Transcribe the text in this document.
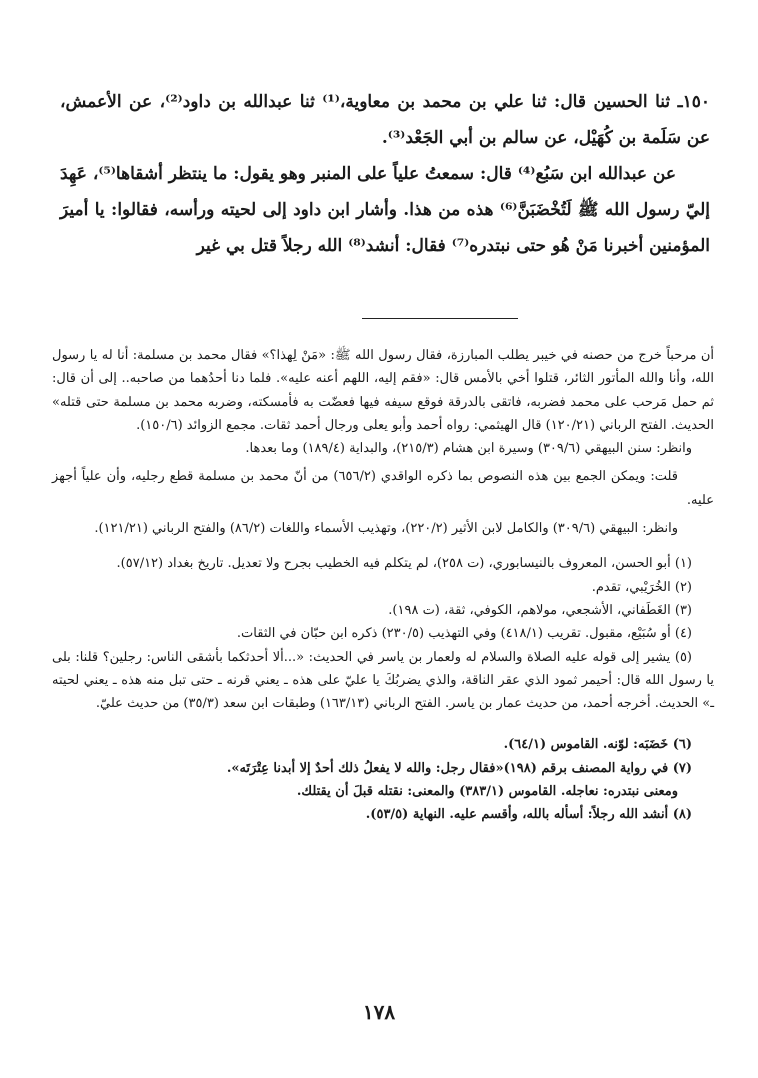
١٥٠ـ ثنا الحسين قال: ثنا علي بن محمد بن معاوية،⁽¹⁾ ثنا عبدالله بن داود⁽²⁾، عن الأعمش، عن سَلَمة بن كُهَيْل، عن سالم بن أبي الجَعْد⁽³⁾.

عن عبدالله ابن سَبُع⁽⁴⁾ قال: سمعتُ علياً على المنبر وهو يقول: ما ينتظر أشقاها⁽⁵⁾، عَهِدَ إليّ رسول الله ﷺ لَتُخْضَبَنَّ⁽⁶⁾ هذه من هذا. وأشار ابن داود إلى لحيته ورأسه، فقالوا: يا أميرَ المؤمنين أخبرنا مَنْ هُو حتى نبتدره⁽⁷⁾ فقال: أنشد⁽⁸⁾ الله رجلاً قتل بي غير

أن مرحباً خرج من حصنه في خيبر يطلب المبارزة، فقال رسول الله ﷺ: «مَنْ لِهذا؟» فقال محمد بن مسلمة: أنا له يا رسول الله، وأنا والله المأتور الثائر، قتلوا أخي بالأمس قال: «فقم إليه، اللهم أعنه عليه». فلما دنا أحدُهما من صاحبه.. إلى أن قال: ثم حمل مَرحب على محمد فضربه، فاتقى بالدرقة فوقع سيفه فيها فعضّت به فأمسكته، وضربه محمد بن مسلمة حتى قتله» الحديث. الفتح الرباني (١٢٠/٢١) قال الهيثمي: رواه أحمد وأبو يعلى ورجال أحمد ثقات. مجمع الزوائد (١٥٠/٦).

وانظر: سنن البيهقي (٣٠٩/٦) وسيرة ابن هشام (٢١٥/٣)، والبداية (١٨٩/٤) وما بعدها.

قلت: ويمكن الجمع بين هذه النصوص بما ذكره الواقدي (٦٥٦/٢) من أنّ محمد بن مسلمة قطع رجليه، وأن علياً أجهز عليه.

وانظر: البيهقي (٣٠٩/٦) والكامل لابن الأثير (٢٢٠/٢)، وتهذيب الأسماء واللغات (٨٦/٢) والفتح الرباني (١٢١/٢١).

(١) أبو الحسن، المعروف بالنيسابوري، (ت ٢٥٨)، لم يتكلم فيه الخطيب بجرح ولا تعديل. تاريخ بغداد (٥٧/١٢).

(٢) الخُرَيْبي، تقدم.

(٣) الغَطَفاني، الأشجعي، مولاهم، الكوفي، ثقة، (ت ١٩٨).

(٤) أو سُبَيْع، مقبول. تقريب (٤١٨/١) وفي التهذيب (٢٣٠/٥) ذكره ابن حبّان في الثقات.

(٥) يشير إلى قوله عليه الصلاة والسلام له ولعمار بن ياسر في الحديث: «...ألا أحدثكما بأشقى الناس: رجلين؟ قلنا: بلى يا رسول الله قال: أحيمر ثمود الذي عقر الناقة، والذي يضربُكَ يا عليّ على هذه ـ يعني قرنه ـ حتى تبل منه هذه ـ يعني لحيته ـ» الحديث. أخرجه أحمد، من حديث عمار بن ياسر. الفتح الرباني (١٦٣/١٣) وطبقات ابن سعد (٣٥/٣) من حديث عليّ.

(٦) خَضَبَه: لوّنه. القاموس (٦٤/١).

(٧) في رواية المصنف برقم (١٩٨)«فقال رجل: والله لا يفعلُ ذلك أحدٌ إلا أبدنا عِتْرَتَه».

ومعنى نبتدره: نعاجله. القاموس (٣٨٣/١) والمعنى: نقتله قبلَ أن يقتلك.

(٨) أنشد الله رجلاً: أسأله بالله، وأقسم عليه. النهاية (٥٣/٥).

١٧٨
